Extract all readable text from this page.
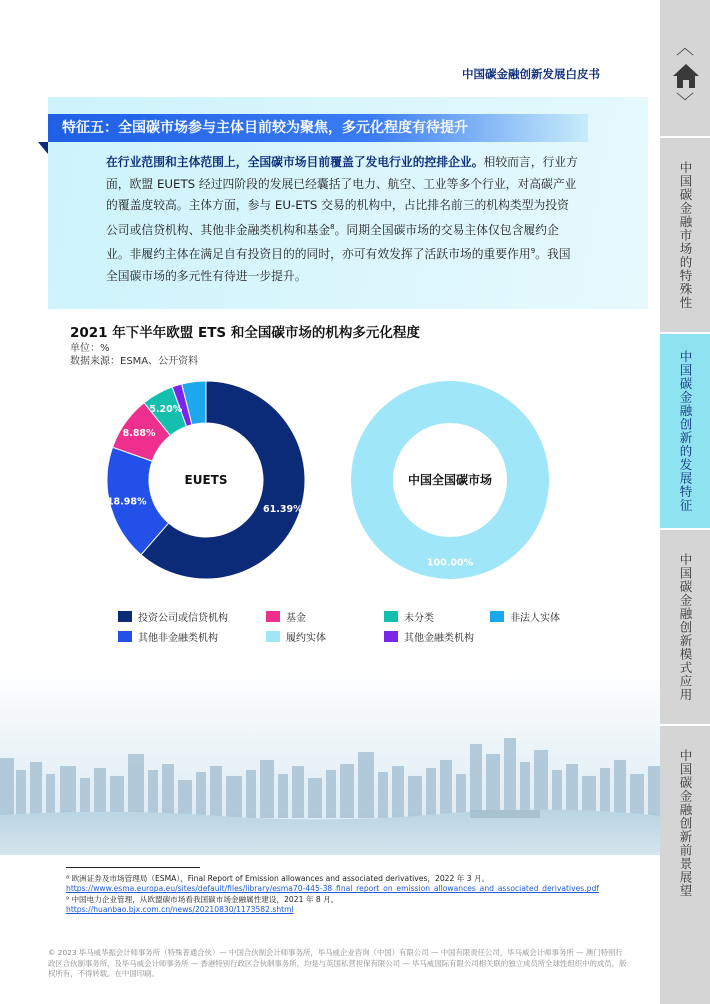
中国碳金融创新发展白皮书
特征五：全国碳市场参与主体目前较为聚焦，多元化程度有待提升
在行业范围和主体范围上，全国碳市场目前覆盖了发电行业的控排企业。相较而言，行业方面，欧盟 EUETS 经过四阶段的发展已经囊括了电力、航空、工业等多个行业，对高碳产业的覆盖度较高。主体方面，参与 EU-ETS 交易的机构中，占比排名前三的机构类型为投资公司或信贷机构、其他非金融类机构和基金$^8$。同期全国碳市场的交易主体仅包含履约企业。非履约主体在满足自有投资目的的同时，亦可有效发挥了活跃市场的重要作用$^9$。我国全国碳市场的多元性有待进一步提升。
2021 年下半年欧盟 ETS 和全国碳市场的机构多元化程度
单位：%
数据来源：ESMA、公开资料
61.39%
18.98%
8.88%
5.20%
EUETS
100.00%
中国全国碳市场
投资公司或信贷机构	基金	未分类	非法人实体
其他非金融类机构	履约实体	其他金融类机构
⁸ 欧洲证券及市场管理局（ESMA），Final Report of Emission allowances and associated derivatives，2022 年 3 月。https://www.esma.europa.eu/sites/default/files/library/esma70-445-38_final_report_on_emission_allowances_and_associated_derivatives.pdf
⁹ 中国电力企业管理，从欧盟碳市场看我国碳市场金融属性建设，2021 年 8 月。
https://huanbao.bjx.com.cn/news/20210830/1173582.shtml
© 2023 毕马威华振会计师事务所（特殊普通合伙）— 中国合伙制会计师事务所，毕马威企业咨询（中国）有限公司 — 中国有限责任公司，毕马威会计师事务所 — 澳门特别行政区合伙制事务所，及毕马威会计师事务所 — 香港特别行政区合伙制事务所，均是与英国私营担保有限公司 — 毕马威国际有限公司相关联的独立成员所全球性组织中的成员。版权所有，不得转载。在中国印刷。
︿
﹀
中国碳金融市场的特殊性
中国碳金融创新的发展特征
中国碳金融创新模式应用
中国碳金融创新前景展望
